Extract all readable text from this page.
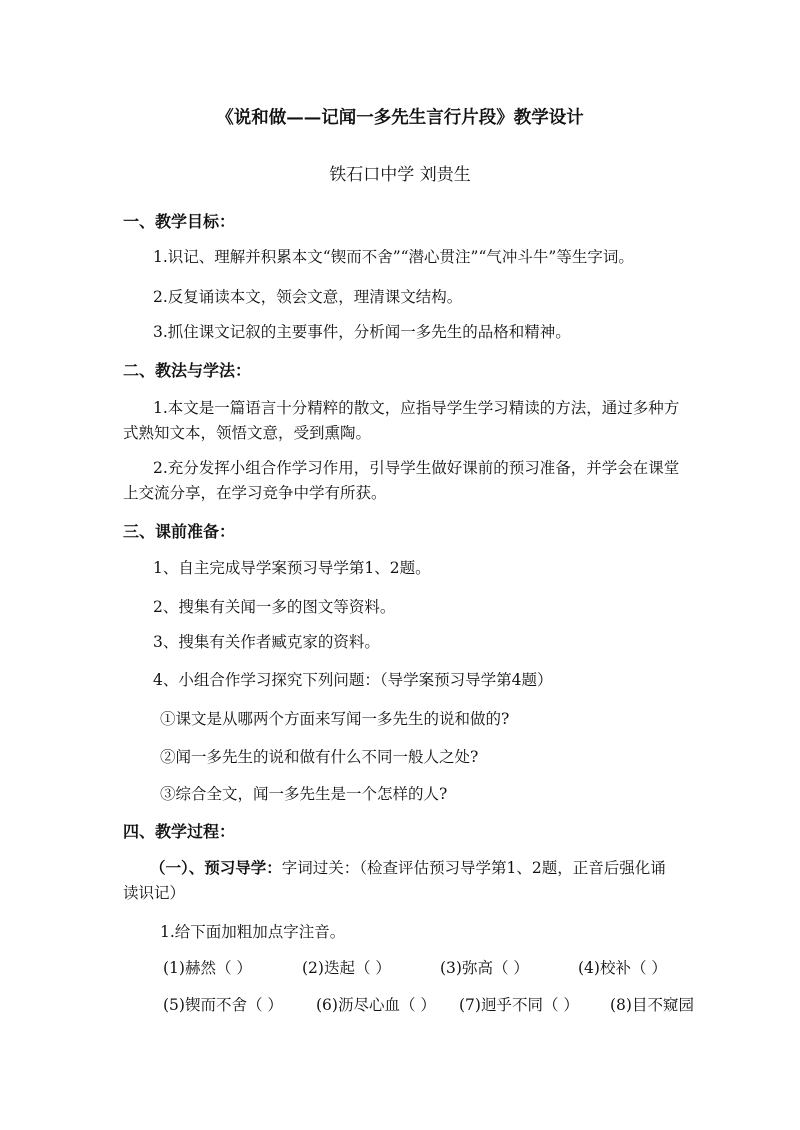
《说和做——记闻一多先生言行片段》教学设计
铁石口中学 刘贵生
一、教学目标：
1.识记、理解并积累本文“锲而不舍”“潜心贯注”“气冲斗牛”等生字词。
2.反复诵读本文，领会文意，理清课文结构。
3.抓住课文记叙的主要事件，分析闻一多先生的品格和精神。
二、教法与学法：
1.本文是一篇语言十分精粹的散文，应指导学生学习精读的方法，通过多种方
式熟知文本，领悟文意，受到熏陶。
2.充分发挥小组合作学习作用，引导学生做好课前的预习准备，并学会在课堂
上交流分享，在学习竞争中学有所获。
三、课前准备：
1、自主完成导学案预习导学第1、2题。
2、搜集有关闻一多的图文等资料。
3、搜集有关作者臧克家的资料。
4、小组合作学习探究下列问题：（导学案预习导学第4题）
①课文是从哪两个方面来写闻一多先生的说和做的?
②闻一多先生的说和做有什么不同一般人之处?
③综合全文，闻一多先生是一个怎样的人?
四、教学过程：
（一）、预习导学：字词过关：（检查评估预习导学第1、2题，正音后强化诵
读识记）
1.给下面加粗加点字注音。
(1)赫然（ ）	(2)迭起（ ）	(3)弥高（ ）	(4)校补（ ）
(5)锲而不舍（ ） (6)沥尽心血（ ） (7)迥乎不同（ ） (8)目不窥园
